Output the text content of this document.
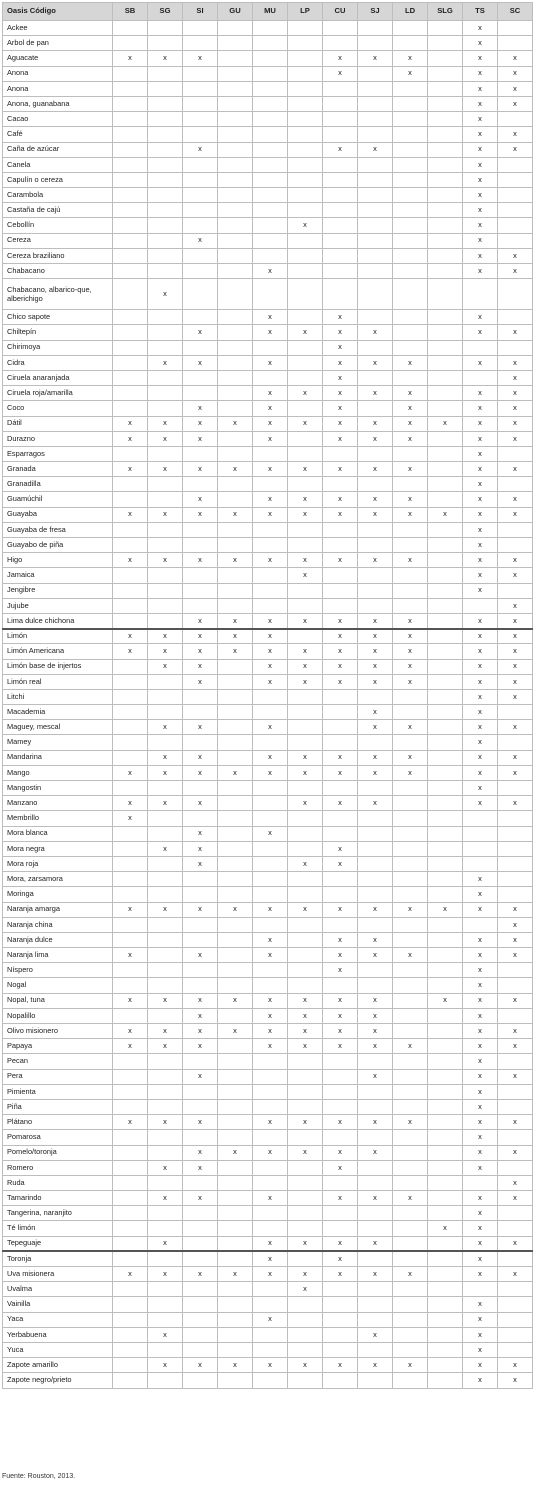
Oasis Código	SB	SG	SI	GU	MU	LP	CU	SJ	LD	SLG	TS	SC
Ackee											x	
Arbol de pan											x	
Aguacate	x	x	x				x	x	x		x	x
Anona							x		x		x	x
Anona											x	x
Anona, guanabana											x	x
Cacao											x	
Café											x	x
Caña de azúcar			x				x	x			x	x
Canela											x	
Capulín o cereza											x	
Carambola											x	
Castaña de cajú											x	
Cebollín						x					x	
Cereza			x								x	
Cereza braziliano											x	x
Chabacano					x						x	x
Chabacano, albarico-que, alberichigo		x										
Chico sapote					x		x				x	
Chiltepín			x		x	x	x	x			x	x
Chirimoya							x					
Cidra		x	x		x		x	x	x		x	x
Ciruela anaranjada							x					x
Ciruela roja/amarilla					x	x	x	x	x		x	x
Coco			x		x		x		x		x	x
Dátil	x	x	x	x	x	x	x	x	x	x	x	x
Durazno	x	x	x		x		x	x	x		x	x
Esparragos											x	
Granada	x	x	x	x	x	x	x	x	x		x	x
Granadilla											x	
Guamúchil			x		x	x	x	x	x		x	x
Guayaba	x	x	x	x	x	x	x	x	x	x	x	x
Guayaba de fresa											x	
Guayabo de piña											x	
Higo	x	x	x	x	x	x	x	x	x		x	x
Jamaica						x					x	x
Jengibre											x	
Jujube												x
Lima dulce chichona			x	x	x	x	x	x	x		x	x
Limón	x	x	x	x	x		x	x	x		x	x
Limón Americana	x	x	x	x	x	x	x	x	x		x	x
Limón base de injertos		x	x		x	x	x	x	x		x	x
Limón real			x		x	x	x	x	x		x	x
Litchi											x	x
Macademia								x			x	
Maguey, mescal		x	x		x			x	x		x	x
Mamey											x	
Mandarina		x	x		x	x	x	x	x		x	x
Mango	x	x	x	x	x	x	x	x	x		x	x
Mangostin											x	
Manzano	x	x	x			x	x	x			x	x
Membrillo	x											
Mora blanca			x		x							
Mora negra		x	x				x					
Mora roja			x			x	x					
Mora, zarsamora											x	
Moringa											x	
Naranja amarga	x	x	x	x	x	x	x	x	x	x	x	x
Naranja china												x
Naranja dulce					x		x	x			x	x
Naranja lima	x		x		x		x	x	x		x	x
Níspero							x				x	
Nogal											x	
Nopal, tuna	x	x	x	x	x	x	x	x		x	x	x
Nopalillo			x		x	x	x	x			x	
Olivo misionero	x	x	x	x	x	x	x	x			x	x
Papaya	x	x	x		x	x	x	x	x		x	x
Pecan											x	
Pera			x					x			x	x
Pimienta											x	
Piña											x	
Plátano	x	x	x		x	x	x	x	x		x	x
Pomarosa											x	
Pomelo/toronja			x	x	x	x	x	x			x	x
Romero		x	x				x				x	
Ruda												x
Tamarindo		x	x		x		x	x	x		x	x
Tangerina, naranjito											x	
Té limón										x	x	
Tepeguaje		x			x	x	x	x			x	x
Toronja					x		x				x	
Uva misionera	x	x	x	x	x	x	x	x	x		x	x
Uvalma						x						
Vainilla											x	
Yaca					x						x	
Yerbabuena		x						x			x	
Yuca											x	
Zapote amarillo		x	x	x	x	x	x	x	x		x	x
Zapote negro/prieto											x	x
Fuente: Rouston, 2013.
